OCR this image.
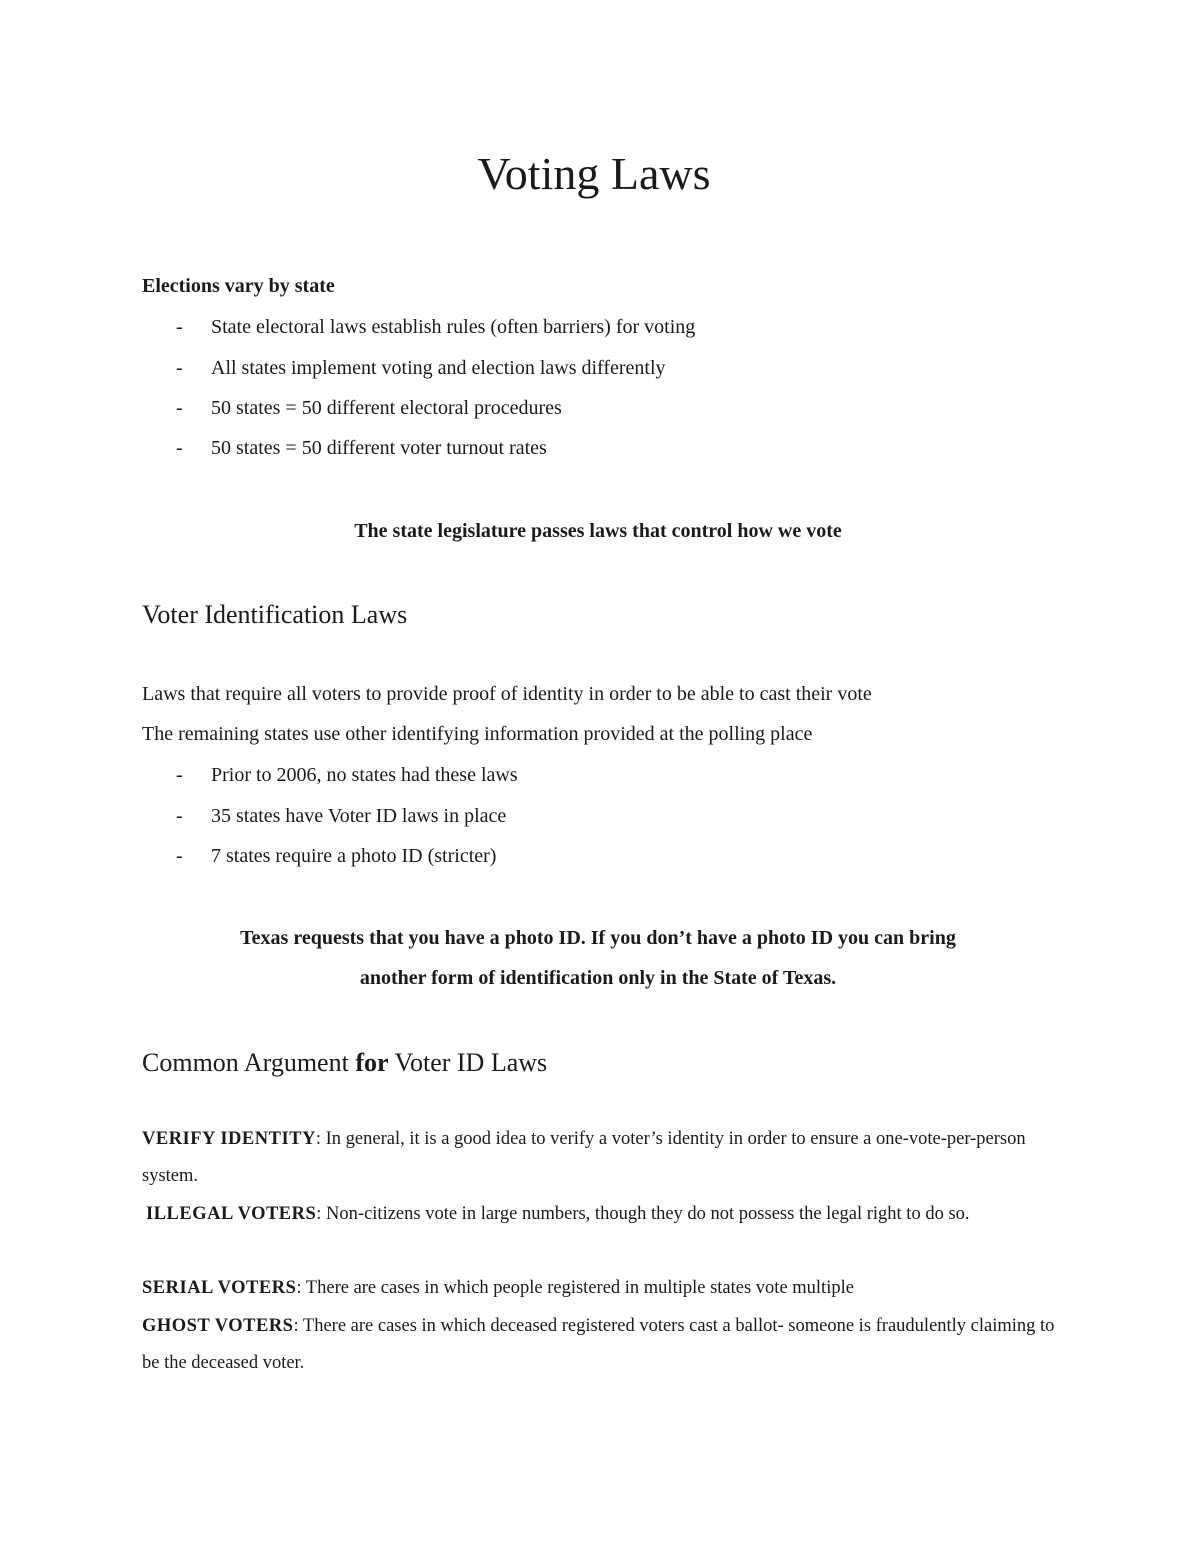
Voting Laws

Elections vary by state

- State electoral laws establish rules (often barriers) for voting

- All states implement voting and election laws differently

- 50 states = 50 different electoral procedures

- 50 states = 50 different voter turnout rates

The state legislature passes laws that control how we vote

Voter Identification Laws

Laws that require all voters to provide proof of identity in order to be able to cast their vote

The remaining states use other identifying information provided at the polling place

- Prior to 2006, no states had these laws

- 35 states have Voter ID laws in place

- 7 states require a photo ID (stricter)

Texas requests that you have a photo ID. If you don’t have a photo ID you can bring

another form of identification only in the State of Texas.

Common Argument for Voter ID Laws

VERIFY IDENTITY: In general, it is a good idea to verify a voter’s identity in order to ensure a one-vote-per-person system.

ILLEGAL VOTERS: Non-citizens vote in large numbers, though they do not possess the legal right to do so.

SERIAL VOTERS: There are cases in which people registered in multiple states vote multiple

GHOST VOTERS: There are cases in which deceased registered voters cast a ballot- someone is fraudulently claiming to be the deceased voter.
